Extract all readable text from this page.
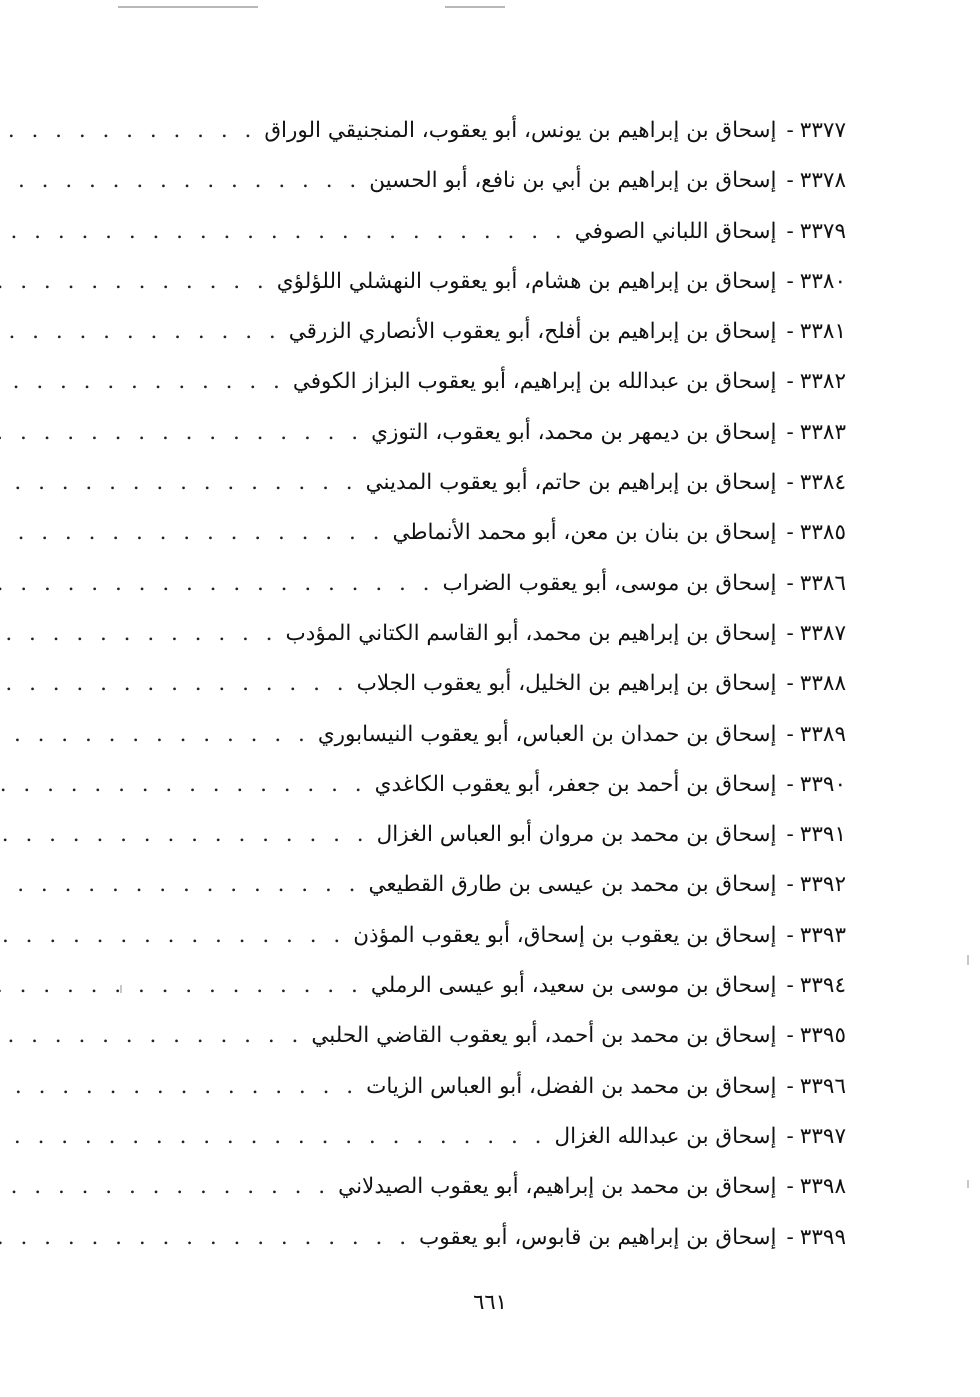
٣٣٧٧
-
إسحاق بن إبراهيم بن يونس، أبو يعقوب، المنجنيقي الوراق
. . .
٣٣٧٨
-
إسحاق بن إبراهيم بن أبي بن نافع، أبو الحسين
. . .
٣٣٧٩
-
إسحاق اللباني الصوفي
. . .
٣٣٨٠
-
إسحاق بن إبراهيم بن هشام، أبو يعقوب النهشلي اللؤلؤي
. . .
٣٣٨١
-
إسحاق بن إبراهيم بن أفلح، أبو يعقوب الأنصاري الزرقي
. . .
٣٣٨٢
-
إسحاق بن عبدالله بن إبراهيم، أبو يعقوب البزاز الكوفي
. . .
٣٣٨٣
-
إسحاق بن ديمهر بن محمد، أبو يعقوب، التوزي
. . .
٣٣٨٤
-
إسحاق بن إبراهيم بن حاتم، أبو يعقوب المديني
. . .
٣٣٨٥
-
إسحاق بن بنان بن معن، أبو محمد الأنماطي
. . .
٣٣٨٦
-
إسحاق بن موسى، أبو يعقوب الضراب
. . .
٣٣٨٧
-
إسحاق بن إبراهيم بن محمد، أبو القاسم الكتاني المؤدب
. . .
٣٣٨٨
-
إسحاق بن إبراهيم بن الخليل، أبو يعقوب الجلاب
. . .
٣٣٨٩
-
إسحاق بن حمدان بن العباس، أبو يعقوب النيسابوري
. . .
٣٣٩٠
-
إسحاق بن أحمد بن جعفر، أبو يعقوب الكاغدي
. . .
٣٣٩١
-
إسحاق بن محمد بن مروان أبو العباس الغزال
. . .
٣٣٩٢
-
إسحاق بن محمد بن عيسى بن طارق القطيعي
. . .
٣٣٩٣
-
إسحاق بن يعقوب بن إسحاق، أبو يعقوب المؤذن
. . .
٣٣٩٤
-
إسحاق بن موسى بن سعيد، أبو عيسى الرملي
. . .
٣٣٩٥
-
إسحاق بن محمد بن أحمد، أبو يعقوب القاضي الحلبي
. . .
٣٣٩٦
-
إسحاق بن محمد بن الفضل، أبو العباس الزيات
. . .
٣٣٩٧
-
إسحاق بن عبدالله الغزال
. . .
٣٣٩٨
-
إسحاق بن محمد بن إبراهيم، أبو يعقوب الصيدلاني
. . .
٣٣٩٩
-
إسحاق بن إبراهيم بن قابوس، أبو يعقوب
. . .
٦٦١
